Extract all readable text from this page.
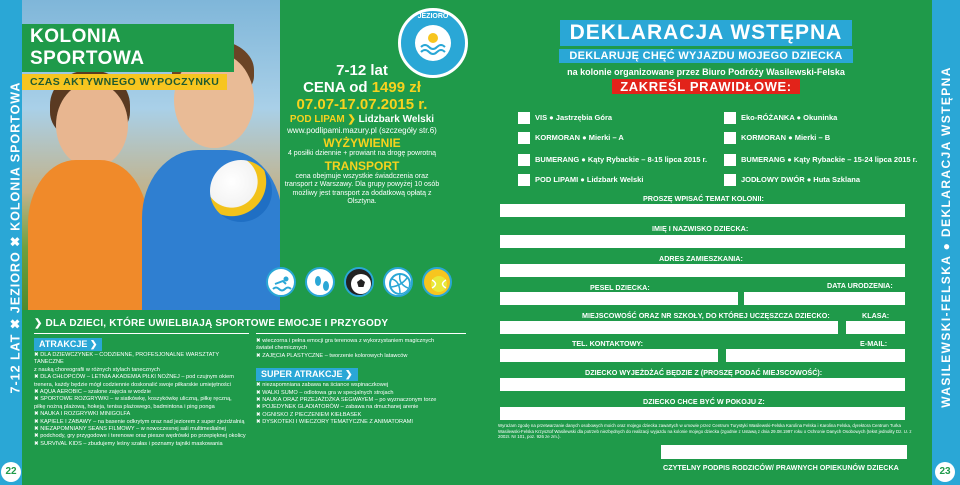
7-12 LAT ✖ JEZIORO ✖ KOLONIA SPORTOWA
22
KOLONIA SPORTOWA
CZAS AKTYWNEGO WYPOCZYNKU
JEZIORO
7-12 lat
CENA od 1499 zł
07.07-17.07.2015 r.
POD LIPAM ❯ Lidzbark Welski
www.podlipami.mazury.pl (szczegóły str.6)
WYŻYWIENIE
4 posiłki dziennie + prowiant na drogę powrotną
TRANSPORT
cena obejmuje wszystkie świadczenia oraz transport z Warszawy. Dla grupy powyżej 10 osób możliwy jest transport za dodatkową opłatą z Olsztyna.
❯ DLA DZIECI, KTÓRE UWIELBIAJĄ SPORTOWE EMOCJE I PRZYGODY
ATRAKCJE ❯
✖ DLA DZIEWCZYNEK – CODZIENNE, PROFESJONALNE WARSZTATY TANECZNE
z nauką choreografii w różnych stylach tanecznych
✖ DLA CHŁOPCÓW – LETNIA AKADEMIA PIŁKI NOŻNEJ – pod czujnym okiem
trenera, każdy będzie mógł codziennie doskonalić swoje piłkarskie umiejętności
✖ AQUA AEROBIC – szalone zajęcia w wodzie
✖ SPORTOWE ROZGRYWKI – w siatkówkę, koszykówkę uliczną, piłkę ręczną,
piłkę nożną plażową, hokeja, tenisa plażowego, badmintona i ping ponga
✖ NAUKA I ROZGRYWKI MINIGOLFA
✖ KĄPIELE I ZABAWY – na basenie odkrytym oraz nad jeziorem z super zjeżdżalnią
✖ NIEZAPOMNIANY SEANS FILMOWY – w nowoczesnej sali multimedialnej
✖ podchody, gry przygodowe i terenowe oraz piesze wędrówki po przepięknej okolicy
✖ SURVIVAL KIDS – zbudujemy leśny szałas i poznamy tajniki maskowania
✖ wieczorna i pełna emocji gra terenowa z wykorzystaniem magicznych
świateł chemicznych
✖ ZAJĘCIA PLASTYCZNE – tworzenie kolorowych latawców
SUPER ATRAKCJE ❯
✖ niezapomniana zabawa na ściance wspinaczkowej
✖ WALKI SUMO – odlotowa gra w specjalnych strojach
✖ NAUKA ORAZ PRZEJAŻDŻKA SEGWAYEM – po wyznaczonym torze
✖ POJEDYNEK GLADIATORÓW – zabawa na dmuchanej arenie
✖ OGNISKO Z PIECZENIEM KIEŁBASEK
✖ DYSKOTEKI I WIECZORY TEMATYCZNE Z ANIMATORAMI
WASILEWSKI-FELSKA ● DEKLARACJA WSTĘPNA
23
DEKLARACJA WSTĘPNA
DEKLARUJĘ CHĘĆ WYJAZDU MOJEGO DZIECKA
na kolonie organizowane przez Biuro Podróży Wasilewski-Felska
ZAKREŚL PRAWIDŁOWE:
VIS ● Jastrzębia Góra	Eko-RÓŻANKA ● Okuninka
KORMORAN ● Mierki – A	KORMORAN ● Mierki – B
BUMERANG ● Kąty Rybackie – 8-15 lipca 2015 r.	BUMERANG ● Kąty Rybackie – 15-24 lipca 2015 r.
POD LIPAMI ● Lidzbark Welski	JODŁOWY DWÓR ● Huta Szklana
PROSZĘ WPISAĆ TEMAT KOLONII:
IMIĘ I NAZWISKO DZIECKA:
ADRES ZAMIESZKANIA:
PESEL DZIECKA:	DATA URODZENIA:
MIEJSCOWOŚĆ ORAZ NR SZKOŁY, DO KTÓREJ UCZĘSZCZA DZIECKO:	KLASA:
TEL. KONTAKTOWY:	E-MAIL:
DZIECKO WYJEŻDŻAĆ BĘDZIE Z (PROSZĘ PODAĆ MIEJSCOWOŚĆ):
DZIECKO CHCE BYĆ W POKOJU Z:
Wyrażam zgodę na przetwarzanie danych osobowych moich oraz mojego dziecka zawartych w umowie przez Centrum Turystyki Wasilewski-Felska Karolina Felska i Karolina Felska, dyrektora Centrum Turka Wasilewski-Felska Krzysztof Wasilewski dla potrzeb niezbędnych do realizacji wyjazdu na kolonie mojego dziecka (zgodnie z Ustawą z dnia 29.08.1997 roku o Ochronie Danych Osobowych (tekst jednolity Dz. U. z 2002r. Nr 101, poz. 926 ze zm.).
CZYTELNY PODPIS RODZICÓW/ PRAWNYCH OPIEKUNÓW DZIECKA
